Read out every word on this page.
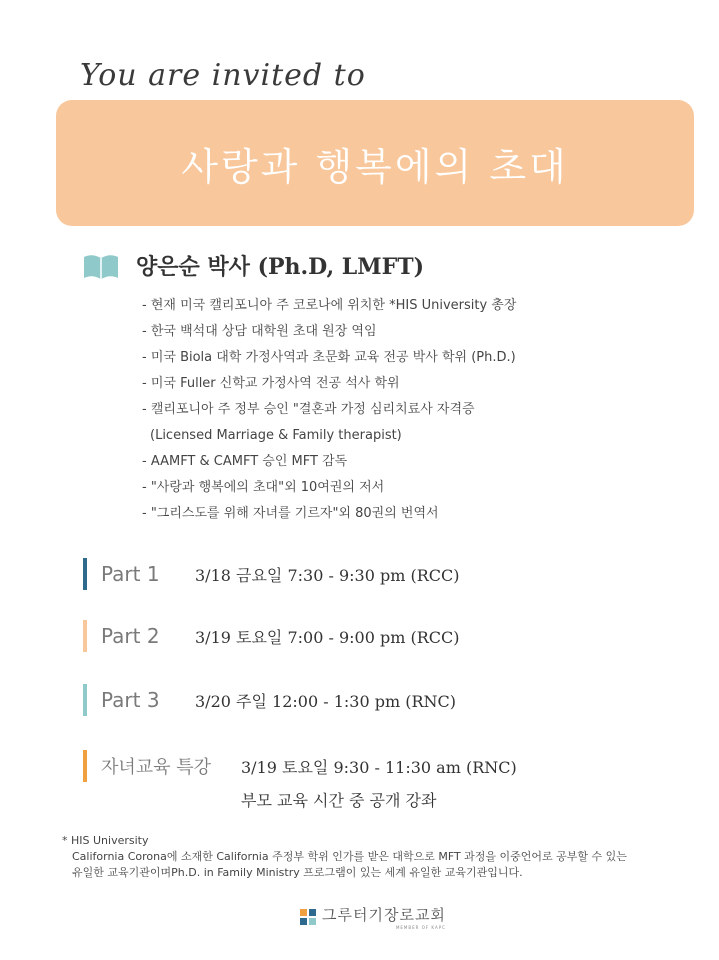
You are invited to
사랑과 행복에의 초대
양은순 박사 (Ph.D, LMFT)
- 현재 미국 캘리포니아 주 코로나에 위치한 *HIS University 총장
- 한국 백석대 상담 대학원 초대 원장 역임
- 미국 Biola 대학 가정사역과 초문화 교육 전공 박사 학위 (Ph.D.)
- 미국 Fuller 신학교 가정사역 전공 석사 학위
- 캘리포니아 주 정부 승인 "결혼과 가정 심리치료사 자격증
(Licensed Marriage & Family therapist)
- AAMFT & CAMFT 승인 MFT 감독
- "사랑과 행복에의 초대"외 10여권의 저서
- "그리스도를 위해 자녀를 기르자"외 80권의 번역서
Part 1	3/18 금요일 7:30 - 9:30 pm (RCC)
Part 2	3/19 토요일 7:00 - 9:00 pm (RCC)
Part 3	3/20 주일 12:00 - 1:30 pm (RNC)
자녀교육 특강	3/19 토요일 9:30 - 11:30 am (RNC)
부모 교육 시간 중 공개 강좌
* HIS University
California Corona에 소재한 California 주정부 학위 인가를 받은 대학으로 MFT 과정을 이중언어로 공부할 수 있는
유일한 교육기관이며Ph.D. in Family Ministry 프로그램이 있는 세계 유일한 교육기관입니다.
그루터기장로교회
MEMBER OF KAPC
